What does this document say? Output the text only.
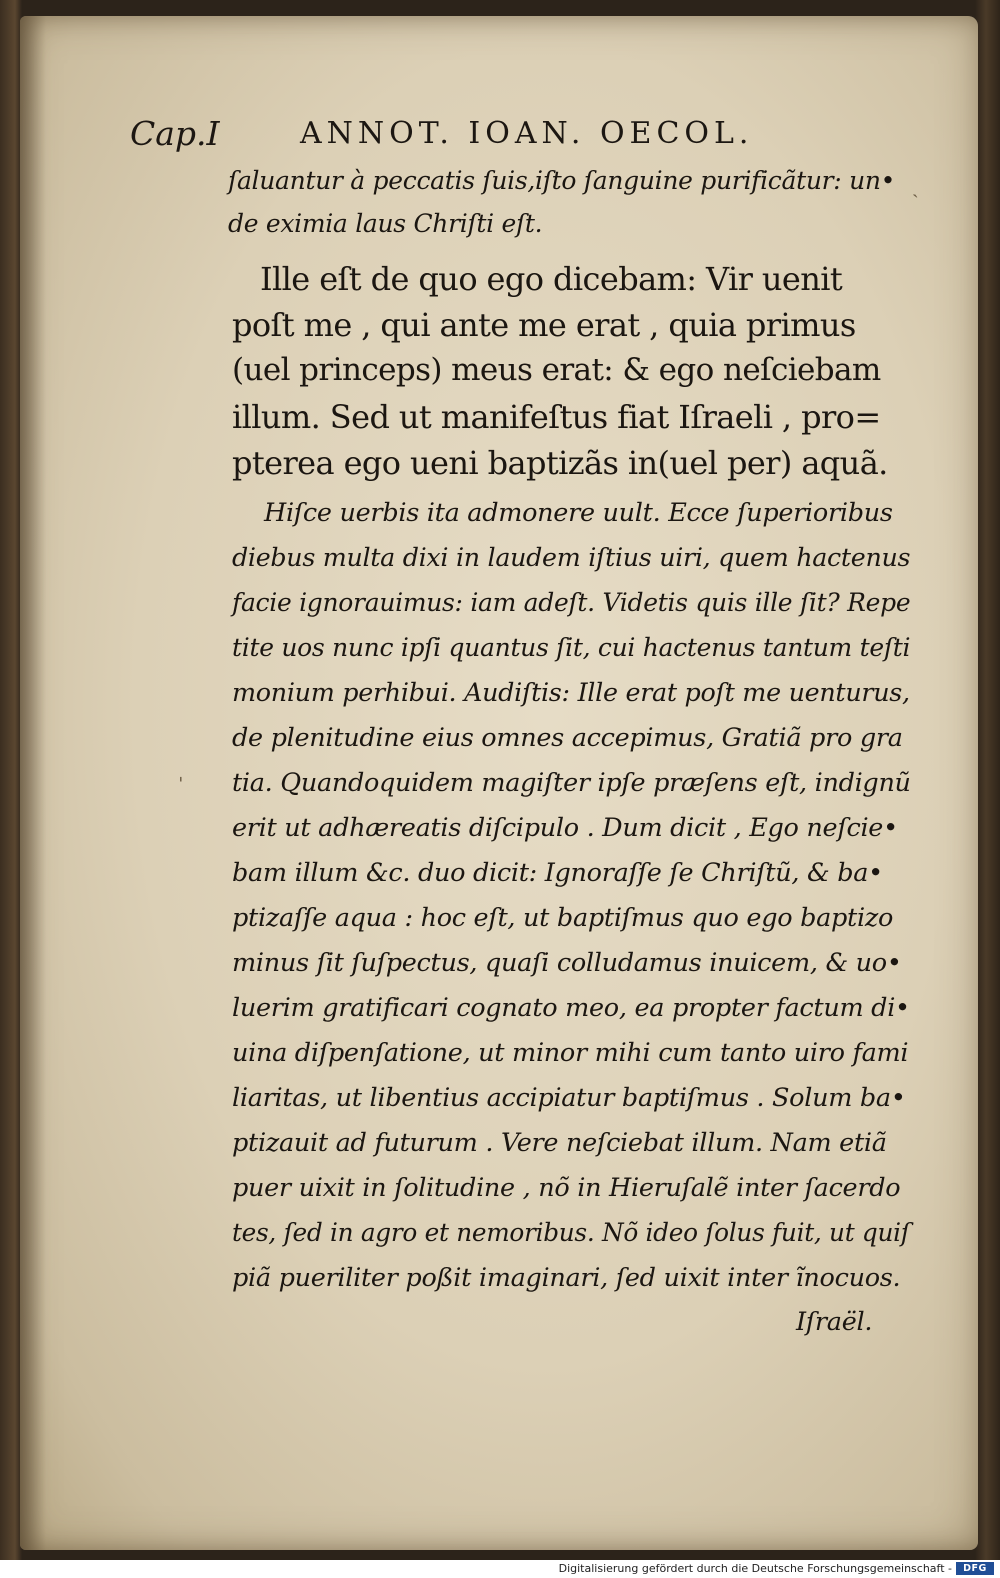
Cap.I	ANNOT. IOAN. OECOL.
ſaluantur à peccatis ſuis,iſto ſanguine purificãtur: un•
de eximia laus Chriſti eſt.
Ille eſt de quo ego dicebam: Vir uenit
poſt me , qui ante me erat , quia primus
(uel princeps) meus erat: & ego neſciebam
illum. Sed ut manifeſtus fiat Iſraeli , pro=
pterea ego ueni baptizãs in(uel per) aquã.
Hiſce uerbis ita admonere uult. Ecce ſuperioribus
diebus multa dixi in laudem iſtius uiri, quem hactenus
facie ignorauimus: iam adeſt. Videtis quis ille ſit? Repe
tite uos nunc ipſi quantus ſit, cui hactenus tantum teſti
monium perhibui. Audiſtis: Ille erat poſt me uenturus,
de plenitudine eius omnes accepimus, Gratiã pro gra
tia. Quandoquidem magiſter ipſe præſens eſt, indignũ
erit ut adhæreatis diſcipulo . Dum dicit , Ego neſcie•
bam illum &c. duo dicit: Ignoraſſe ſe Chriſtũ, & ba•
ptizaſſe aqua : hoc eſt, ut baptiſmus quo ego baptizo
minus ſit ſuſpectus, quaſi colludamus inuicem, & uo•
luerim gratificari cognato meo, ea propter factum di•
uina diſpenſatione, ut minor mihi cum tanto uiro fami
liaritas, ut libentius accipiatur baptiſmus . Solum ba•
ptizauit ad futurum . Vere neſciebat illum. Nam etiã
puer uixit in ſolitudine , nõ in Hieruſalẽ inter ſacerdo
tes, ſed in agro et nemoribus. Nõ ideo ſolus fuit, ut quiſ
piã pueriliter poßit imaginari, ſed uixit inter ĩnocuos.
Iſraël.
ˎ
ˌ
Digitalisierung gefördert durch die Deutsche Forschungsgemeinschaft -	DFG
